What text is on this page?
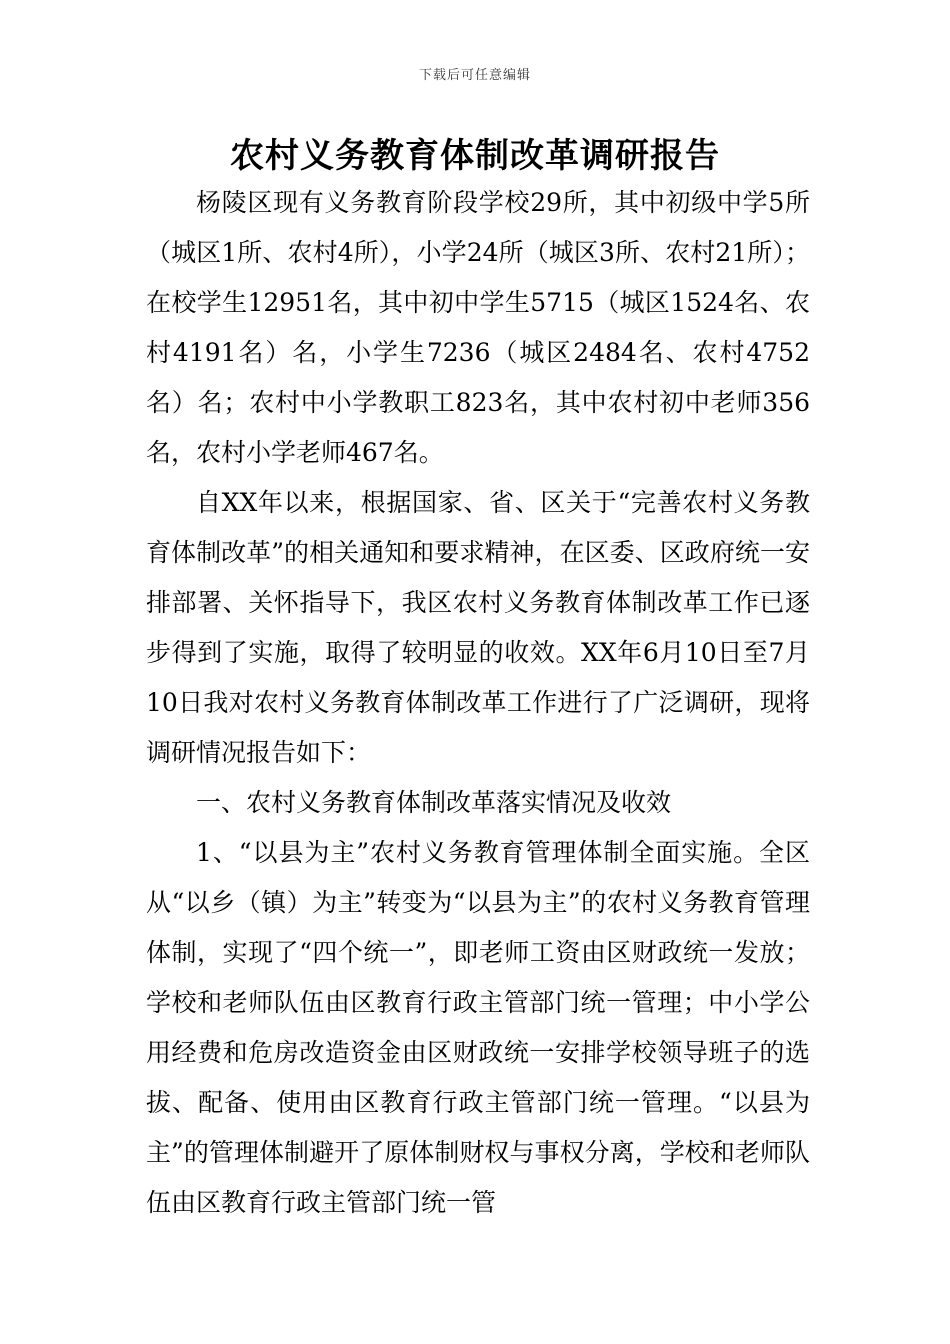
下载后可任意编辑
农村义务教育体制改革调研报告

杨陵区现有义务教育阶段学校29所，其中初级中学5所（城区1所、农村4所），小学24所（城区3所、农村21所）；在校学生12951名，其中初中学生5715（城区1524名、农村4191名）名，小学生7236（城区2484名、农村4752名）名；农村中小学教职工823名，其中农村初中老师356名，农村小学老师467名。

自XX年以来，根据国家、省、区关于“完善农村义务教育体制改革”的相关通知和要求精神，在区委、区政府统一安排部署、关怀指导下，我区农村义务教育体制改革工作已逐步得到了实施，取得了较明显的收效。XX年6月10日至7月10日我对农村义务教育体制改革工作进行了广泛调研，现将调研情况报告如下：

一、农村义务教育体制改革落实情况及收效

1、“以县为主”农村义务教育管理体制全面实施。全区从“以乡（镇）为主”转变为“以县为主”的农村义务教育管理体制，实现了“四个统一”，即老师工资由区财政统一发放；学校和老师队伍由区教育行政主管部门统一管理；中小学公用经费和危房改造资金由区财政统一安排学校领导班子的选拔、配备、使用由区教育行政主管部门统一管理。“以县为主”的管理体制避开了原体制财权与事权分离，学校和老师队伍由区教育行政主管部门统一管
